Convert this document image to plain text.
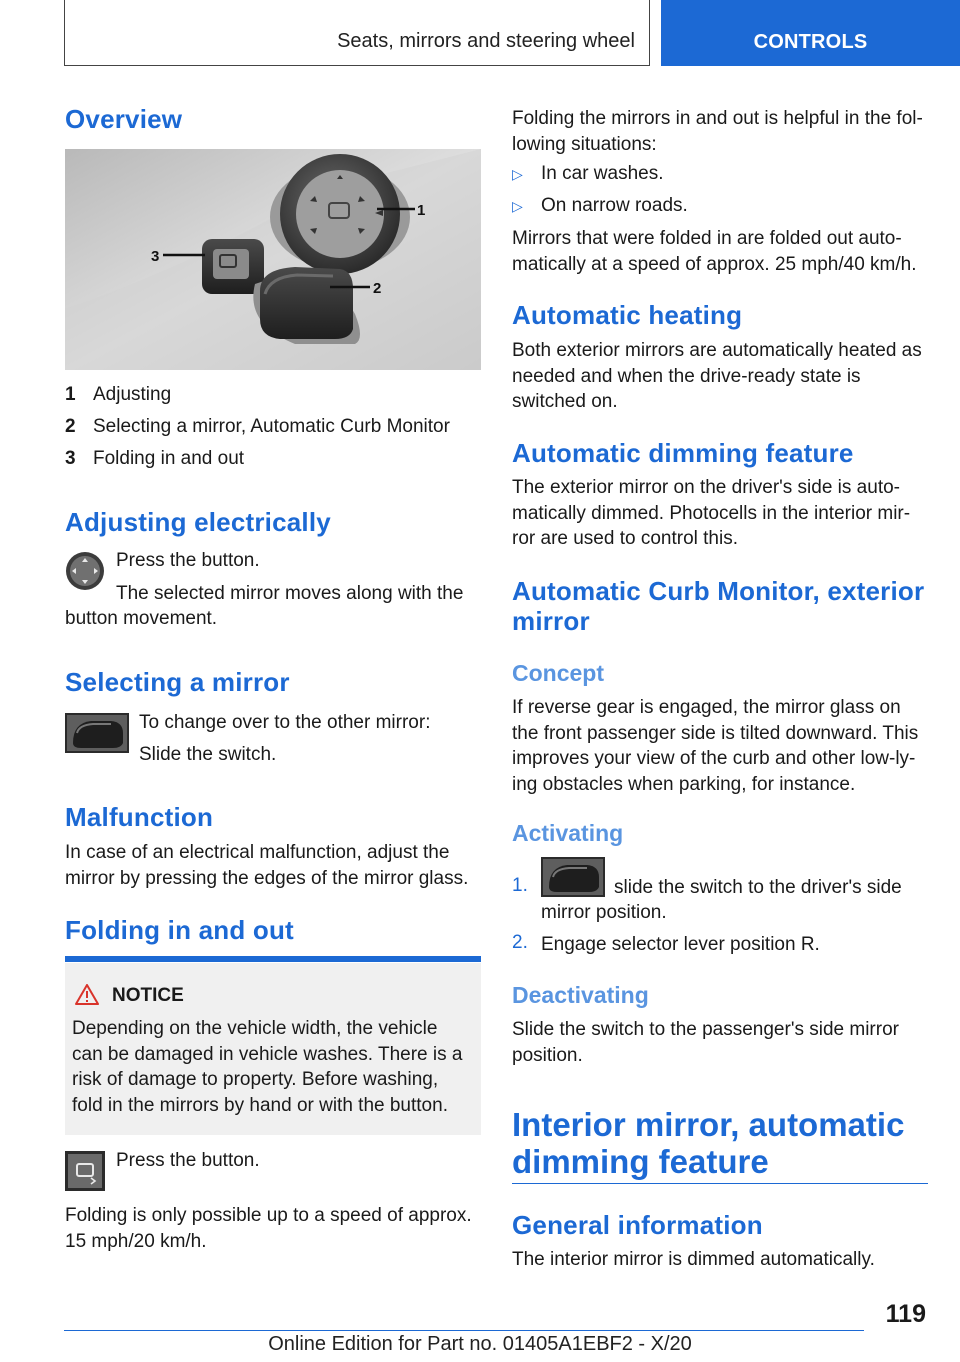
Seats, mirrors and steering wheel	CONTROLS
Overview
1
2
3
1 Adjusting
2 Selecting a mirror, Automatic Curb Monitor
3 Folding in and out
Adjusting electrically
Press the button.
The selected mirror moves along with the
button movement.
Selecting a mirror
To change over to the other mirror:
Slide the switch.
Malfunction
In case of an electrical malfunction, adjust the mirror by pressing the edges of the mirror glass.
Folding in and out
NOTICE
Depending on the vehicle width, the vehicle can be damaged in vehicle washes. There is a risk of damage to property. Before washing, fold in the mirrors by hand or with the button.
Press the button.
Folding is only possible up to a speed of approx. 15 mph/20 km/h.
Folding the mirrors in and out is helpful in the fol‐lowing situations:
▷ In car washes.
▷ On narrow roads.
Mirrors that were folded in are folded out auto‐matically at a speed of approx. 25 mph/40 km/h.
Automatic heating
Both exterior mirrors are automatically heated as needed and when the drive-ready state is switched on.
Automatic dimming feature
The exterior mirror on the driver's side is auto‐matically dimmed. Photocells in the interior mir‐ror are used to control this.
Automatic Curb Monitor, exterior mirror
Concept
If reverse gear is engaged, the mirror glass on the front passenger side is tilted downward. This improves your view of the curb and other low-ly‐ing obstacles when parking, for instance.
Activating
1.	slide the switch to the driver's side
mirror position.
2. Engage selector lever position R.
Deactivating
Slide the switch to the passenger's side mirror position.
Interior mirror, automatic dimming feature
General information
The interior mirror is dimmed automatically.
119
Online Edition for Part no. 01405A1EBF2 - X/20
